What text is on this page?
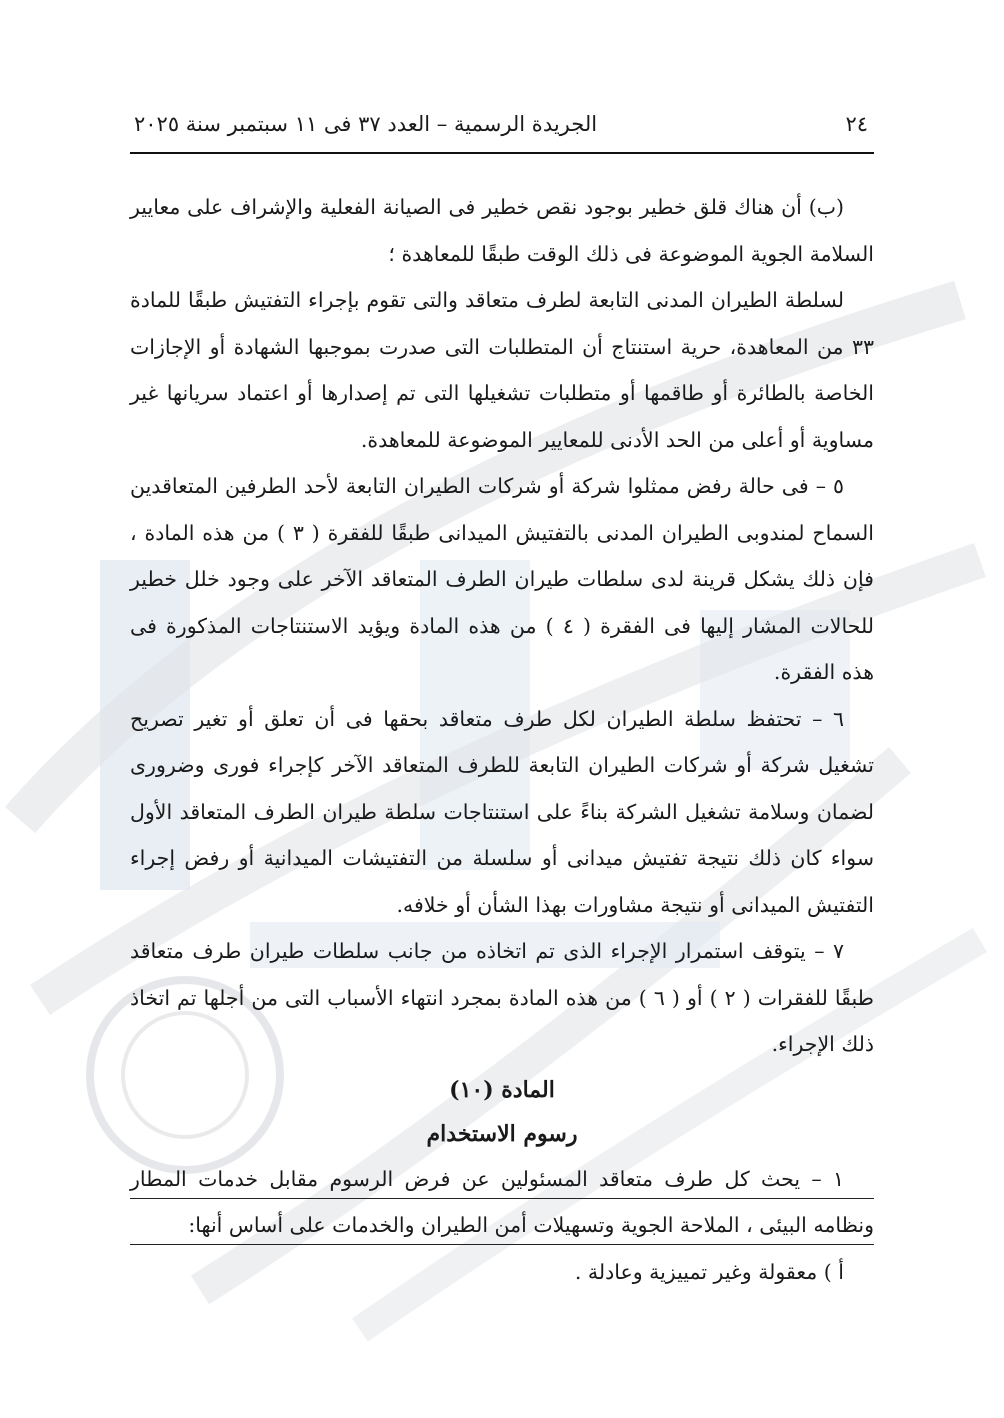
٢٤
الجريدة الرسمية – العدد ٣٧ فى ١١ سبتمبر سنة ٢٠٢٥

(ب) أن هناك قلق خطير بوجود نقص خطير فى الصيانة الفعلية والإشراف على معايير السلامة الجوية الموضوعة فى ذلك الوقت طبقًا للمعاهدة ؛

لسلطة الطيران المدنى التابعة لطرف متعاقد والتى تقوم بإجراء التفتيش طبقًا للمادة ٣٣ من المعاهدة، حرية استنتاج أن المتطلبات التى صدرت بموجبها الشهادة أو الإجازات الخاصة بالطائرة أو طاقمها أو متطلبات تشغيلها التى تم إصدارها أو اعتماد سريانها غير مساوية أو أعلى من الحد الأدنى للمعايير الموضوعة للمعاهدة.

٥ – فى حالة رفض ممثلوا شركة أو شركات الطيران التابعة لأحد الطرفين المتعاقدين السماح لمندوبى الطيران المدنى بالتفتيش الميدانى طبقًا للفقرة ( ٣ ) من هذه المادة ، فإن ذلك يشكل قرينة لدى سلطات طيران الطرف المتعاقد الآخر على وجود خلل خطير للحالات المشار إليها فى الفقرة ( ٤ ) من هذه المادة ويؤيد الاستنتاجات المذكورة فى هذه الفقرة.

٦ – تحتفظ سلطة الطيران لكل طرف متعاقد بحقها فى أن تعلق أو تغير تصريح تشغيل شركة أو شركات الطيران التابعة للطرف المتعاقد الآخر كإجراء فورى وضرورى لضمان وسلامة تشغيل الشركة بناءً على استنتاجات سلطة طيران الطرف المتعاقد الأول سواء كان ذلك نتيجة تفتيش ميدانى أو سلسلة من التفتيشات الميدانية أو رفض إجراء التفتيش الميدانى أو نتيجة مشاورات بهذا الشأن أو خلافه.

٧ – يتوقف استمرار الإجراء الذى تم اتخاذه من جانب سلطات طيران طرف متعاقد طبقًا للفقرات ( ٢ ) أو ( ٦ ) من هذه المادة بمجرد انتهاء الأسباب التى من أجلها تم اتخاذ ذلك الإجراء.

المادة (١٠)

رسوم الاستخدام

١ – يحث كل طرف متعاقد المسئولين عن فرض الرسوم مقابل خدمات المطار ونظامه البيئى ، الملاحة الجوية وتسهيلات أمن الطيران والخدمات على أساس أنها:

أ ) معقولة وغير تمييزية وعادلة .
